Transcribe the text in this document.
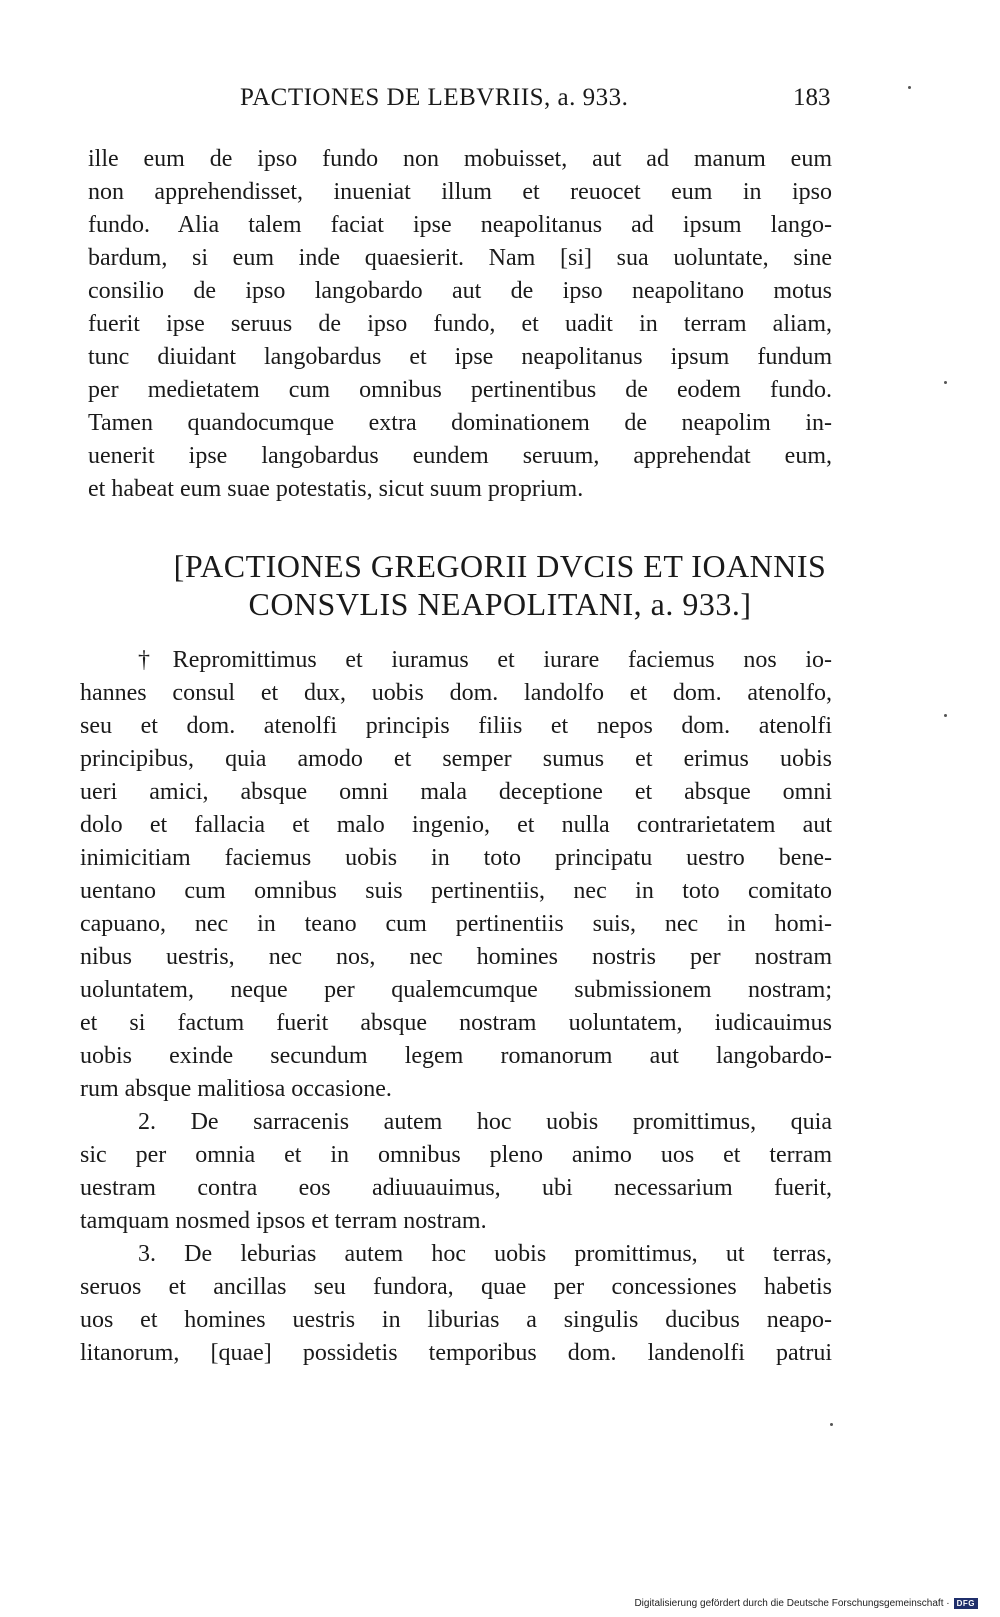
PACTIONES DE LEBVRIIS, a. 933.	183
ille eum de ipso fundo non mobuisset, aut ad manum eum
non apprehendisset, inueniat illum et reuocet eum in ipso
fundo. Alia talem faciat ipse neapolitanus ad ipsum lango-
bardum, si eum inde quaesierit. Nam [si] sua uoluntate, sine
consilio de ipso langobardo aut de ipso neapolitano motus
fuerit ipse seruus de ipso fundo, et uadit in terram aliam,
tunc diuidant langobardus et ipse neapolitanus ipsum fundum
per medietatem cum omnibus pertinentibus de eodem fundo.
Tamen quandocumque extra dominationem de neapolim in-
uenerit ipse langobardus eundem seruum, apprehendat eum,
et habeat eum suae potestatis, sicut suum proprium.
[PACTIONES GREGORII DVCIS ET IOANNIS
CONSVLIS NEAPOLITANI, a. 933.]
†Repromittimus et iuramus et iurare faciemus nos io-
hannes consul et dux, uobis dom. landolfo et dom. atenolfo,
seu et dom. atenolfi principis filiis et nepos dom. atenolfi
principibus, quia amodo et semper sumus et erimus uobis
ueri amici, absque omni mala deceptione et absque omni
dolo et fallacia et malo ingenio, et nulla contrarietatem aut
inimicitiam faciemus uobis in toto principatu uestro bene-
uentano cum omnibus suis pertinentiis, nec in toto comitato
capuano, nec in teano cum pertinentiis suis, nec in homi-
nibus uestris, nec nos, nec homines nostris per nostram
uoluntatem, neque per qualemcumque submissionem nostram;
et si factum fuerit absque nostram uoluntatem, iudicauimus
uobis exinde secundum legem romanorum aut langobardo-
rum absque malitiosa occasione.
2. De sarracenis autem hoc uobis promittimus, quia
sic per omnia et in omnibus pleno animo uos et terram
uestram contra eos adiuuauimus, ubi necessarium fuerit,
tamquam nosmed ipsos et terram nostram.
3. De leburias autem hoc uobis promittimus, ut terras,
seruos et ancillas seu fundora, quae per concessiones habetis
uos et homines uestris in liburias a singulis ducibus neapo-
litanorum, [quae] possidetis temporibus dom. landenolfi patrui
Digitalisierung gefördert durch die Deutsche Forschungsgemeinschaft · DFG
